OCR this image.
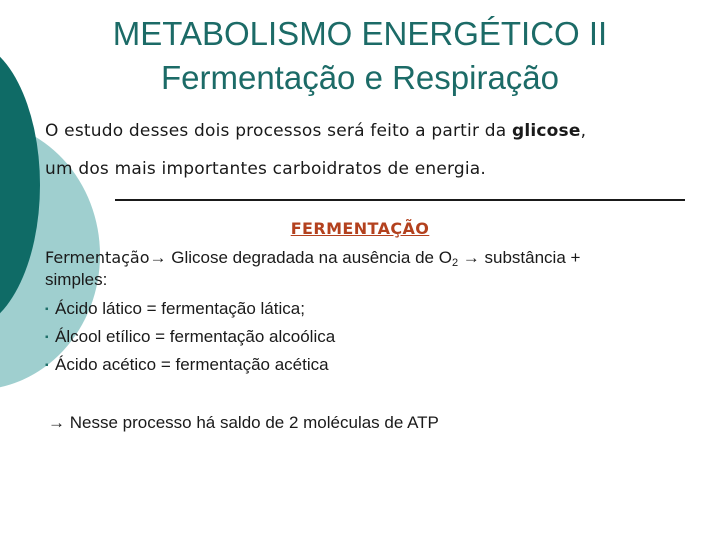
METABOLISMO ENERGÉTICO II
Fermentação e Respiração
O estudo desses dois processos será feito a partir da glicose,
um dos mais importantes carboidratos de energia.
FERMENTAÇÃO
Fermentação→ Glicose degradada na ausência de $O_2$ → substância +
simples:
▪ Ácido lático = fermentação lática;
▪ Álcool etílico = fermentação alcoólica
▪ Ácido acético = fermentação acética
→ Nesse processo há saldo de 2 moléculas de ATP
